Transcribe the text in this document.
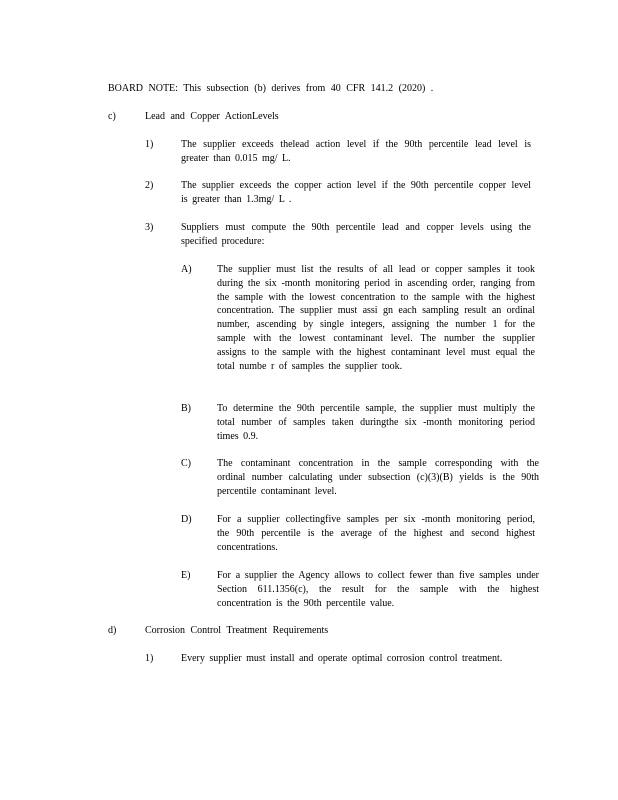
BOARD NOTE: This subsection (b) derives from 40 CFR 141.2 (2020) .
c)	Lead and Copper ActionLevels
1)	The supplier exceeds thelead action level if the 90th percentile lead level is greater than 0.015 mg/ L.
2)	The supplier exceeds the copper action level if the 90th percentile copper level is greater than 1.3mg/ L .
3)	Suppliers must compute the 90th percentile lead and copper levels using the specified procedure:
A)	The supplier must list the results of all lead or copper samples it took during the six -month monitoring period in ascending order, ranging from the sample with the lowest concentration to the sample with the highest concentration. The supplier must assi gn each sampling result an ordinal number, ascending by single integers, assigning the number 1 for the sample with the lowest contaminant level. The number the supplier assigns to the sample with the highest contaminant level must equal the total numbe r of samples the supplier took.
B)	To determine the 90th percentile sample, the supplier must multiply the total number of samples taken duringthe six -month monitoring period times 0.9.
C)	The contaminant concentration in the sample corresponding with the ordinal number calculating under subsection (c)(3)(B) yields is the 90th percentile contaminant level.
D)	For a supplier collectingfive samples per six -month monitoring period, the 90th percentile is the average of the highest and second highest concentrations.
E)	For a supplier the Agency allows to collect fewer than five samples under Section 611.1356(c), the result for the sample with the highest concentration is the 90th percentile value.
d)	Corrosion Control Treatment Requirements
1)	Every supplier must install and operate optimal corrosion control treatment.
